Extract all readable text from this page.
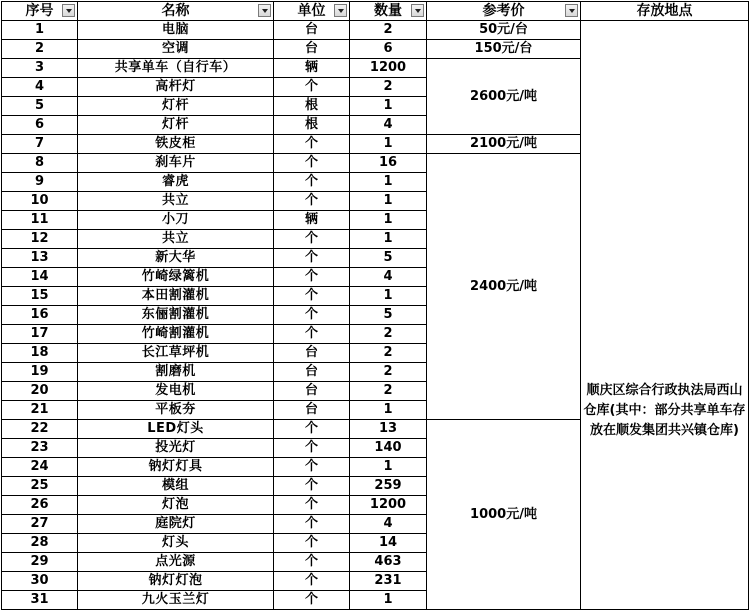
序号	名称	单位	数量	参考价	存放地点
1	电脑	台	2	50元/台	顺庆区综合行政执法局西山仓库(其中：部分共享单车存放在顺发集团共兴镇仓库)
2	空调	台	6	150元/台	
3	共享单车（自行车）	辆	1200	2600元/吨	
4	高杆灯	个	2		
5	灯杆	根	1		
6	灯杆	根	4		
7	铁皮柜	个	1	2100元/吨	
8	刹车片	个	16	2400元/吨	
9	睿虎	个	1		
10	共立	个	1		
11	小刀	辆	1		
12	共立	个	1		
13	新大华	个	5		
14	竹崎绿篱机	个	4		
15	本田割灌机	个	1		
16	东俪割灌机	个	5		
17	竹崎割灌机	个	2		
18	长江草坪机	台	2		
19	割磨机	台	2		
20	发电机	台	2		
21	平板夯	台	1		
22	LED灯头	个	13	1000元/吨	
23	投光灯	个	140		
24	钠灯灯具	个	1		
25	模组	个	259		
26	灯泡	个	1200		
27	庭院灯	个	4		
28	灯头	个	14		
29	点光源	个	463		
30	钠灯灯泡	个	231		
31	九火玉兰灯	个	1		
